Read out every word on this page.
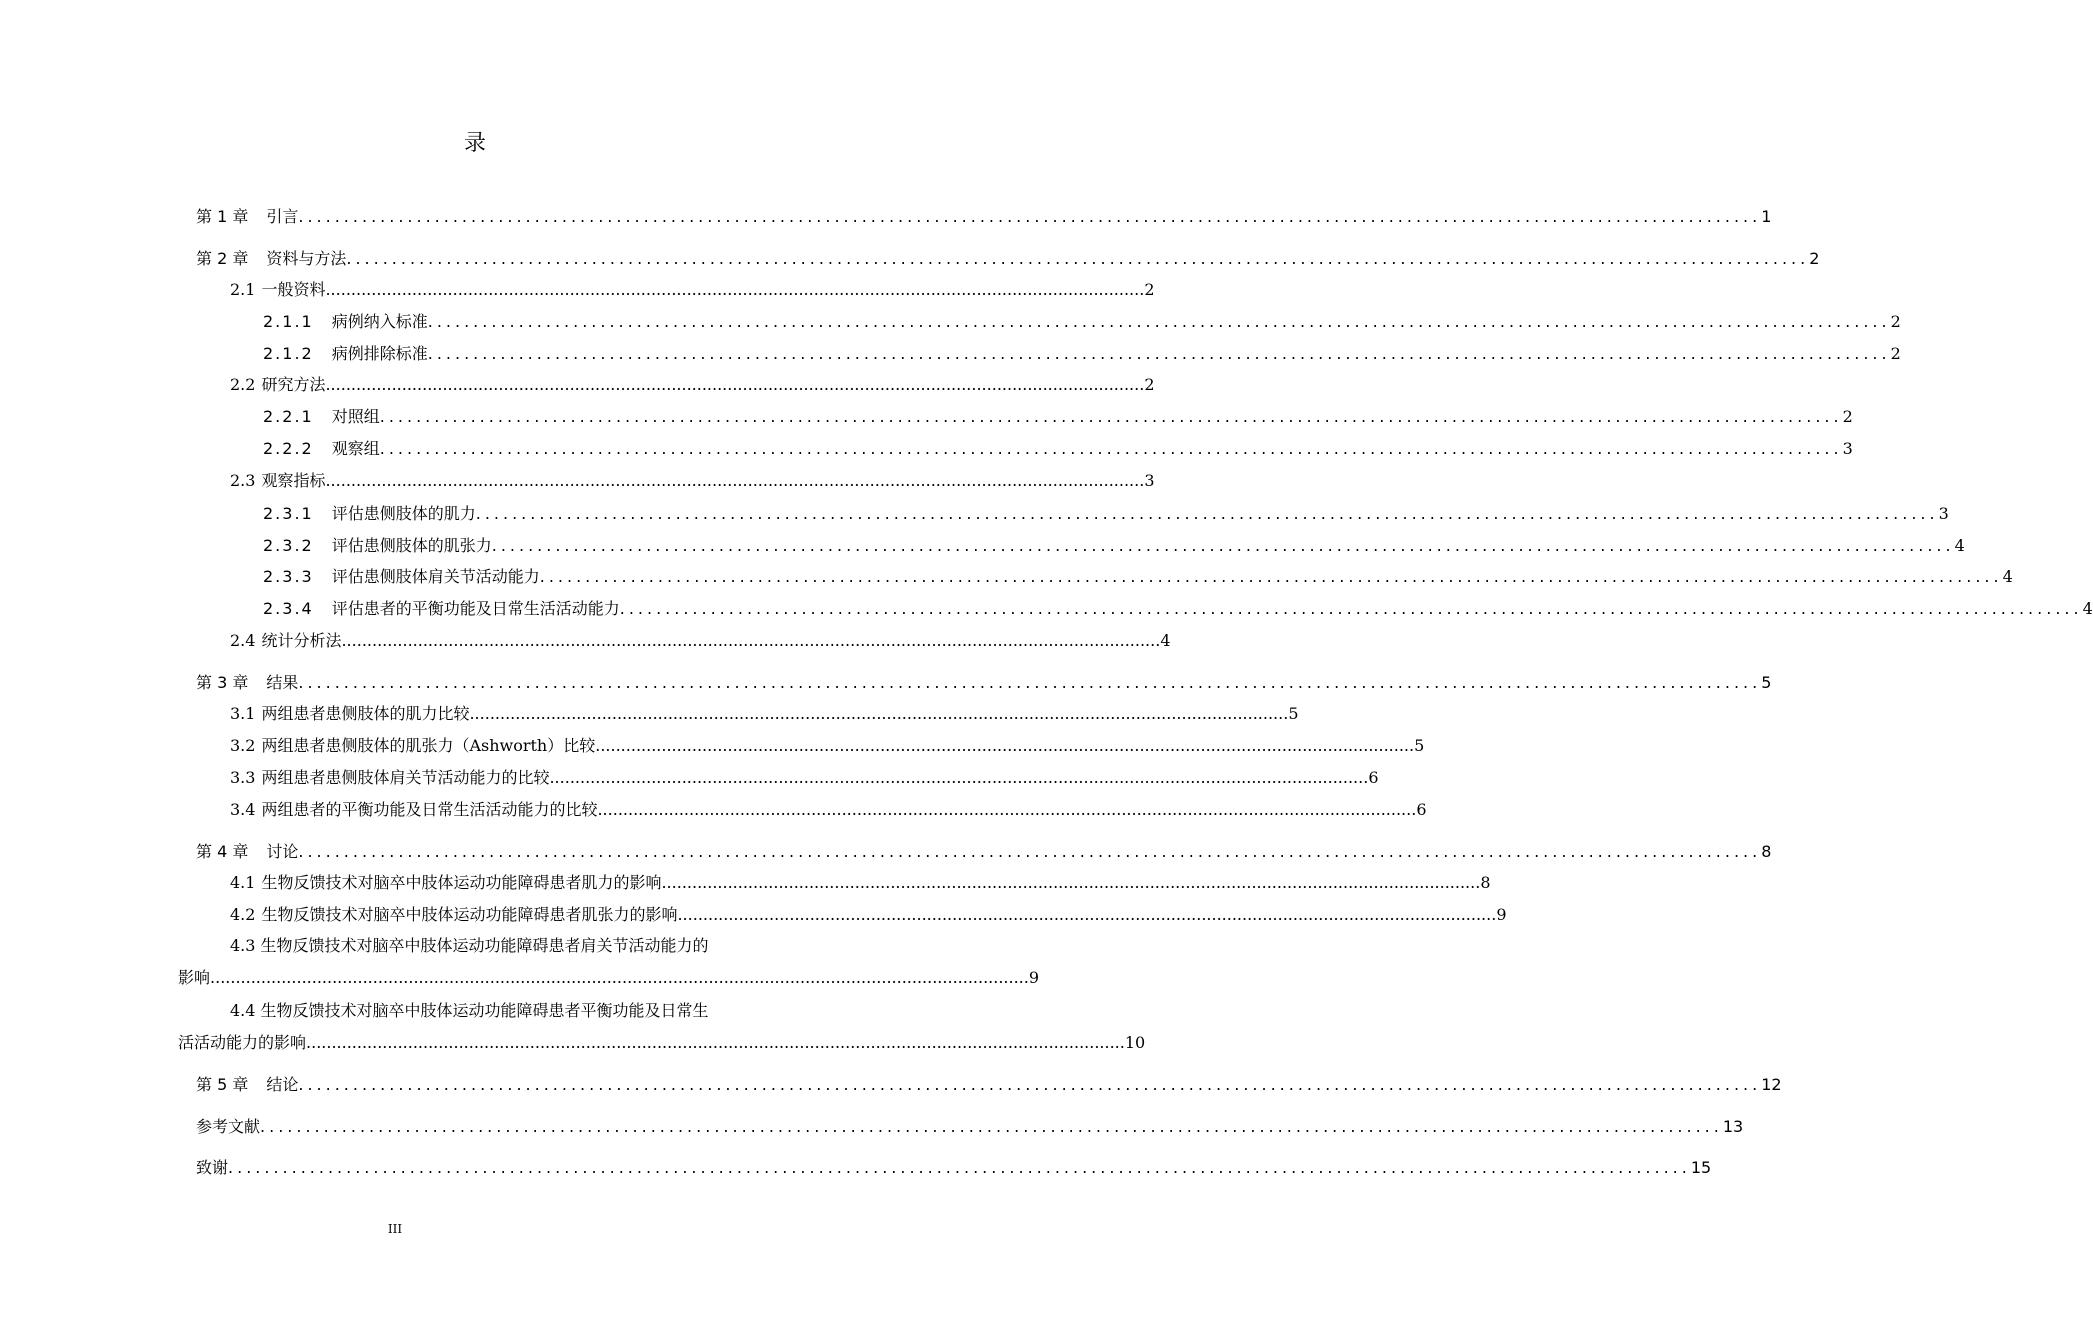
录
第 1 章 引言 ................................................................................................................................................................. 1
第 2 章 资料与方法 ................................................................................................................................................................. 2
2.1 一般资料 ................................................................................................................................................................. 2
2.1.1 病例纳入标准 ................................................................................................................................................................. 2
2.1.2 病例排除标准 ................................................................................................................................................................. 2
2.2 研究方法 ................................................................................................................................................................. 2
2.2.1 对照组 ................................................................................................................................................................. 2
2.2.2 观察组 ................................................................................................................................................................. 3
2.3 观察指标 ................................................................................................................................................................. 3
2.3.1 评估患侧肢体的肌力 ................................................................................................................................................................. 3
2.3.2 评估患侧肢体的肌张力 ................................................................................................................................................................. 4
2.3.3 评估患侧肢体肩关节活动能力 ................................................................................................................................................................. 4
2.3.4 评估患者的平衡功能及日常生活活动能力 ................................................................................................................................................................. 4
2.4 统计分析法 ................................................................................................................................................................. 4
第 3 章 结果 ................................................................................................................................................................. 5
3.1 两组患者患侧肢体的肌力比较 ................................................................................................................................................................. 5
3.2 两组患者患侧肢体的肌张力（Ashworth）比较 ................................................................................................................................................................. 5
3.3 两组患者患侧肢体肩关节活动能力的比较 ................................................................................................................................................................. 6
3.4 两组患者的平衡功能及日常生活活动能力的比较 ................................................................................................................................................................. 6
第 4 章 讨论 ................................................................................................................................................................. 8
4.1 生物反馈技术对脑卒中肢体运动功能障碍患者肌力的影响 ................................................................................................................................................................. 8
4.2 生物反馈技术对脑卒中肢体运动功能障碍患者肌张力的影响 ................................................................................................................................................................. 9
4.3 生物反馈技术对脑卒中肢体运动功能障碍患者肩关节活动能力的
影响 ................................................................................................................................................................. 9
4.4 生物反馈技术对脑卒中肢体运动功能障碍患者平衡功能及日常生
活活动能力的影响 ................................................................................................................................................................. 10
第 5 章 结论 ................................................................................................................................................................. 12
参考文献 ................................................................................................................................................................. 13
致谢 ................................................................................................................................................................. 15
III
